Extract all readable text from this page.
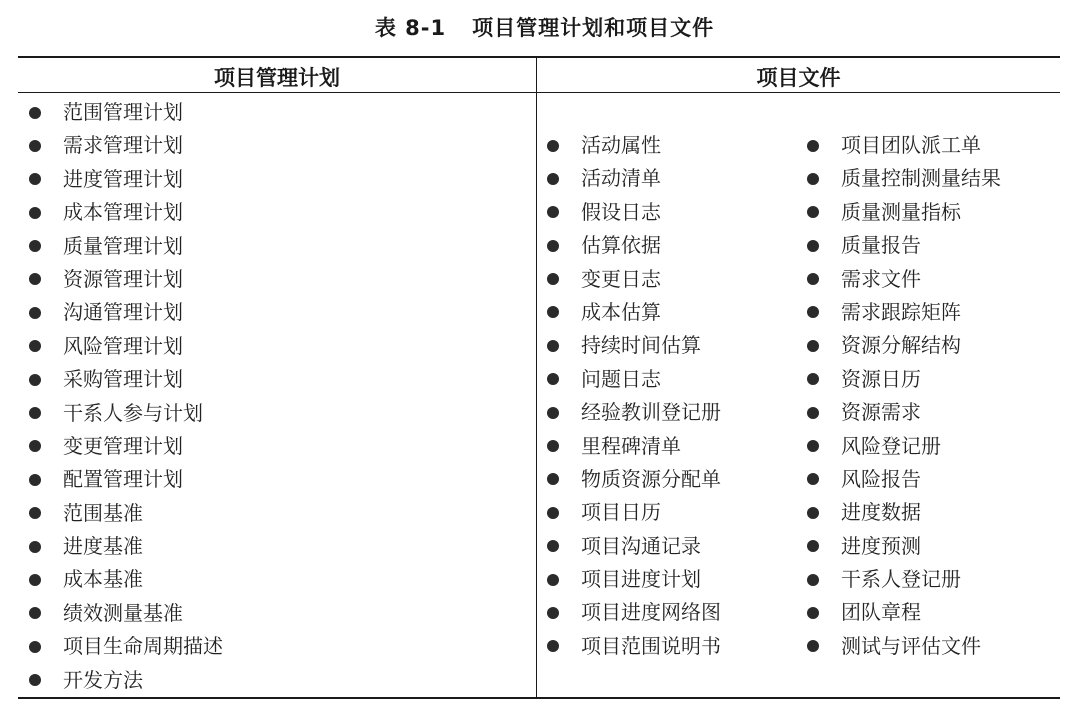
表 8-1 项目管理计划和项目文件
项目管理计划	项目文件
范围管理计划
需求管理计划
进度管理计划
成本管理计划
质量管理计划
资源管理计划
沟通管理计划
风险管理计划
采购管理计划
干系人参与计划
变更管理计划
配置管理计划
范围基准
进度基准
成本基准
绩效测量基准
项目生命周期描述
开发方法
活动属性
活动清单
假设日志
估算依据
变更日志
成本估算
持续时间估算
问题日志
经验教训登记册
里程碑清单
物质资源分配单
项目日历
项目沟通记录
项目进度计划
项目进度网络图
项目范围说明书
项目团队派工单
质量控制测量结果
质量测量指标
质量报告
需求文件
需求跟踪矩阵
资源分解结构
资源日历
资源需求
风险登记册
风险报告
进度数据
进度预测
干系人登记册
团队章程
测试与评估文件
